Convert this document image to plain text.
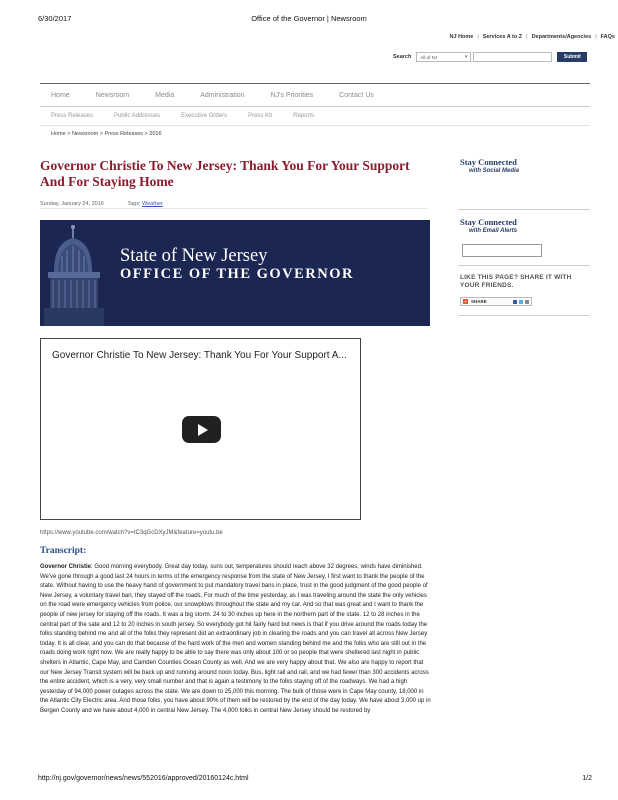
6/30/2017	Office of the Governor | Newsroom
NJ Home | Services A to Z | Departments/Agencies | FAQs
Search All of NJ	▾	Submit
Home	Newsroom	Media	Administration	NJ's Priorities	Contact Us
Press Releases	Public Addresses	Executive Orders	Press Kit	Reports
Home > Newsroom > Press Releases > 2016
Governor Christie To New Jersey: Thank You For Your Support And For Staying Home
Sunday, January 24, 2016	Tags: Weather
State of New Jersey
OFFICE OF THE GOVERNOR
Governor Christie To New Jersey: Thank You For Your Support A...
https://www.youtube.com/watch?v=tC3qGcDXyJM&feature=youtu.be
Transcript:

Governor Christie: Good morning everybody. Great day today, suns out, temperatures should reach above 32 degrees, winds have diminished. We've gone through a good last 24 hours in terms of the emergency response from the state of New Jersey, I first want to thank the people of the state. Without having to use the heavy hand of government to put mandatory travel bans in place, trust in the good judgment of the good people of New Jersey, a voluntary travel ban, they stayed off the roads. For much of the time yesterday, as I was traveling around the state the only vehicles on the road were emergency vehicles from police, our snowplows throughout the state and my car. And so that was great and I want to thank the people of new jersey for staying off the roads. It was a big storm. 24 to 30 inches up here in the northern part of the state. 12 to 28 inches in the central part of the sate and 12 to 20 inches in south jersey. So everybody got hit fairly hard but news is that if you drive around the roads today the folks standing behind me and all of the folks they represent did an extraordinary job in clearing the roads and you can travel all across New Jersey today. It is all clear, and you can do that because of the hard work of the men and women standing behind me and the folks who are still out in the roads doing work right now. We are really happy to be able to say there was only about 100 or so people that were sheltered last night in public shelters in Atlantic, Cape May, and Camden Counties Ocean County as well. And we are very happy about that. We also are happy to report that our New Jersey Transit system will be back up and running around noon today. Bus, light rail and rail, and we had fewer than 300 accidents across the entire accident, which is a very, very small number and that is again a testimony to the folks staying off of the roadways. We had a high yesterday of 94,000 power outages across the state. We are down to 25,000 this morning. The bulk of those were in Cape May county, 18,000 in the Atlantic City Electric area. And those folks, you have about 90% of them will be restored by the end of the day today. We have about 3,000 up in Bergen County and we have about 4,000 in central New Jersey. The 4,000 folks in central New Jersey should be restored by

Stay Connected
with Social Media
Stay Connected
with Email Alerts
LIKE THIS PAGE? SHARE IT WITH YOUR FRIENDS.
+ SHARE
http://nj.gov/governor/news/news/552016/approved/20160124c.html	1/2
